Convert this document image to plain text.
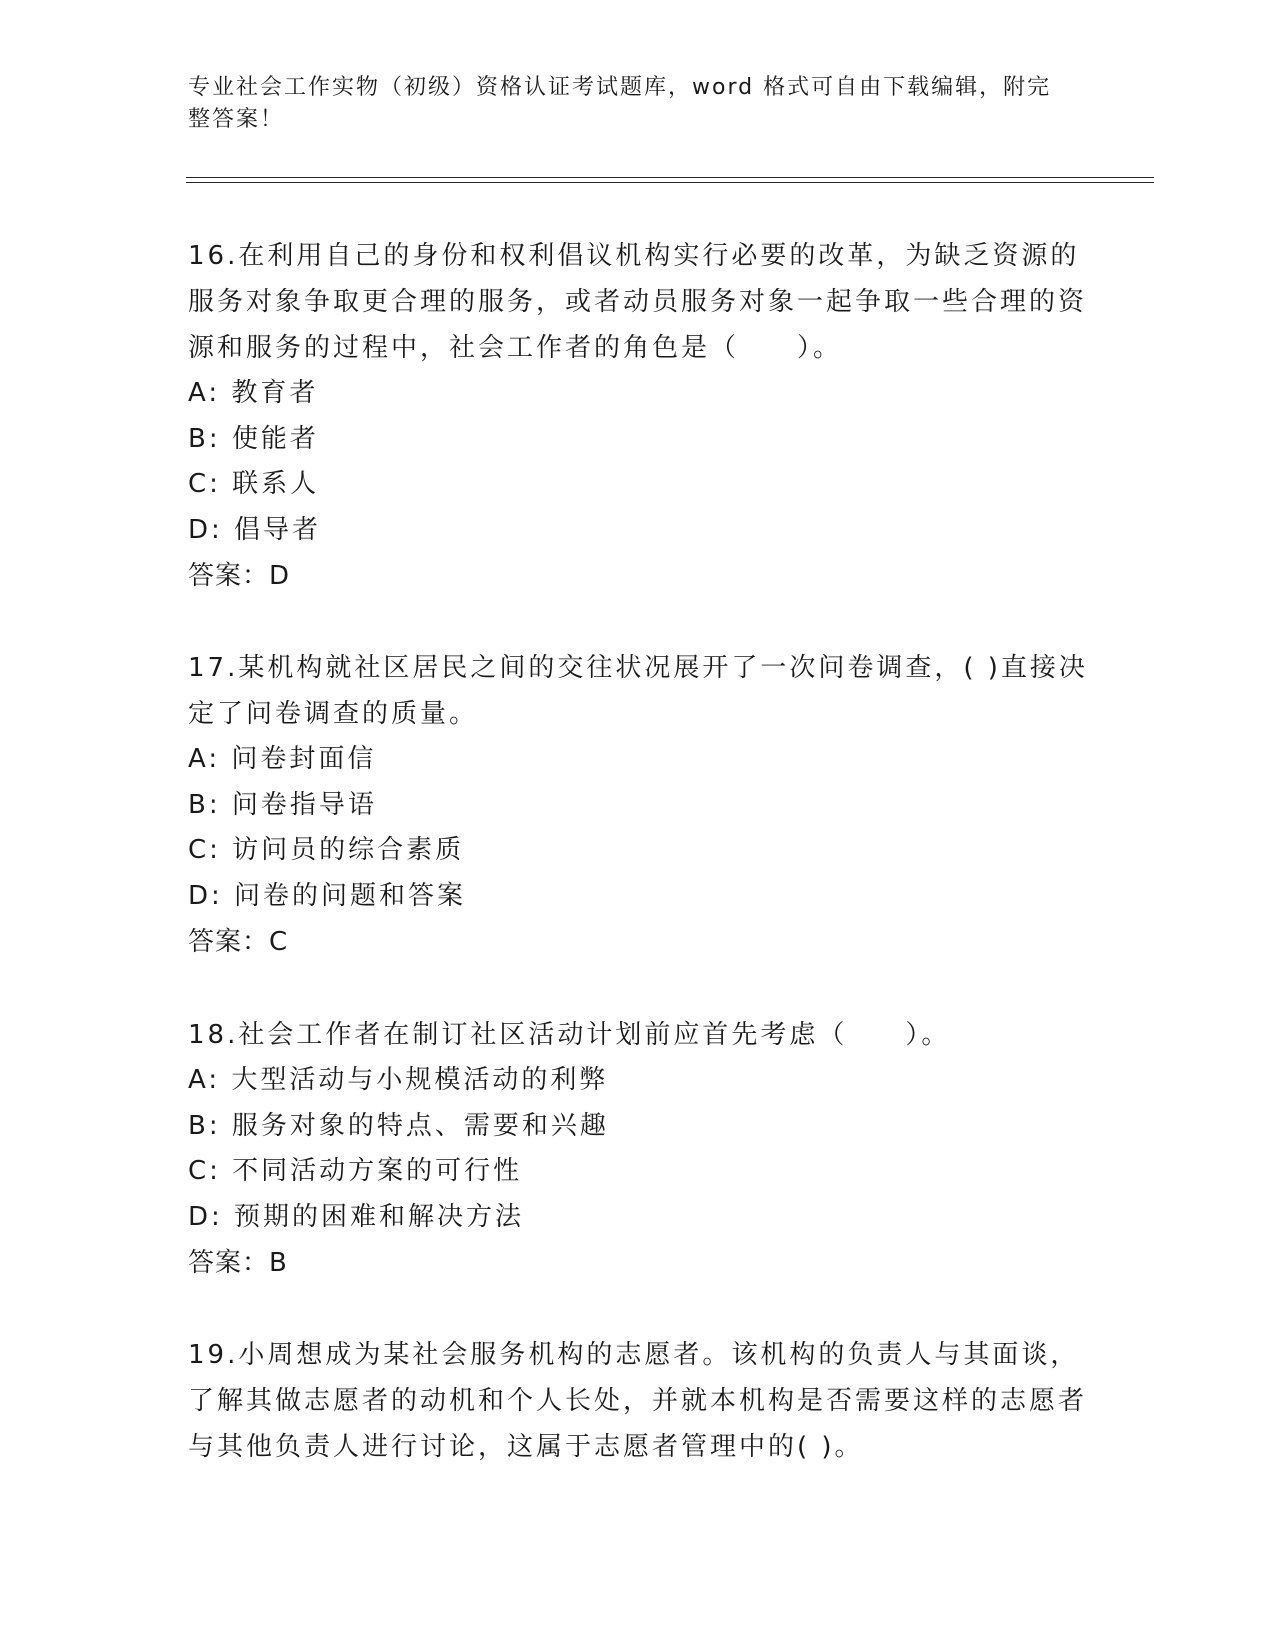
专业社会工作实物（初级）资格认证考试题库，word 格式可自由下载编辑，附完整答案！

16.在利用自己的身份和权利倡议机构实行必要的改革，为缺乏资源的服务对象争取更合理的服务，或者动员服务对象一起争取一些合理的资源和服务的过程中，社会工作者的角色是（　　）。

A: 教育者

B: 使能者

C: 联系人

D: 倡导者

答案：D

17.某机构就社区居民之间的交往状况展开了一次问卷调查，( )直接决定了问卷调查的质量。

A: 问卷封面信

B: 问卷指导语

C: 访问员的综合素质

D: 问卷的问题和答案

答案：C

18.社会工作者在制订社区活动计划前应首先考虑（　　）。

A: 大型活动与小规模活动的利弊

B: 服务对象的特点、需要和兴趣

C: 不同活动方案的可行性

D: 预期的困难和解决方法

答案：B

19.小周想成为某社会服务机构的志愿者。该机构的负责人与其面谈，了解其做志愿者的动机和个人长处，并就本机构是否需要这样的志愿者与其他负责人进行讨论，这属于志愿者管理中的( )。
